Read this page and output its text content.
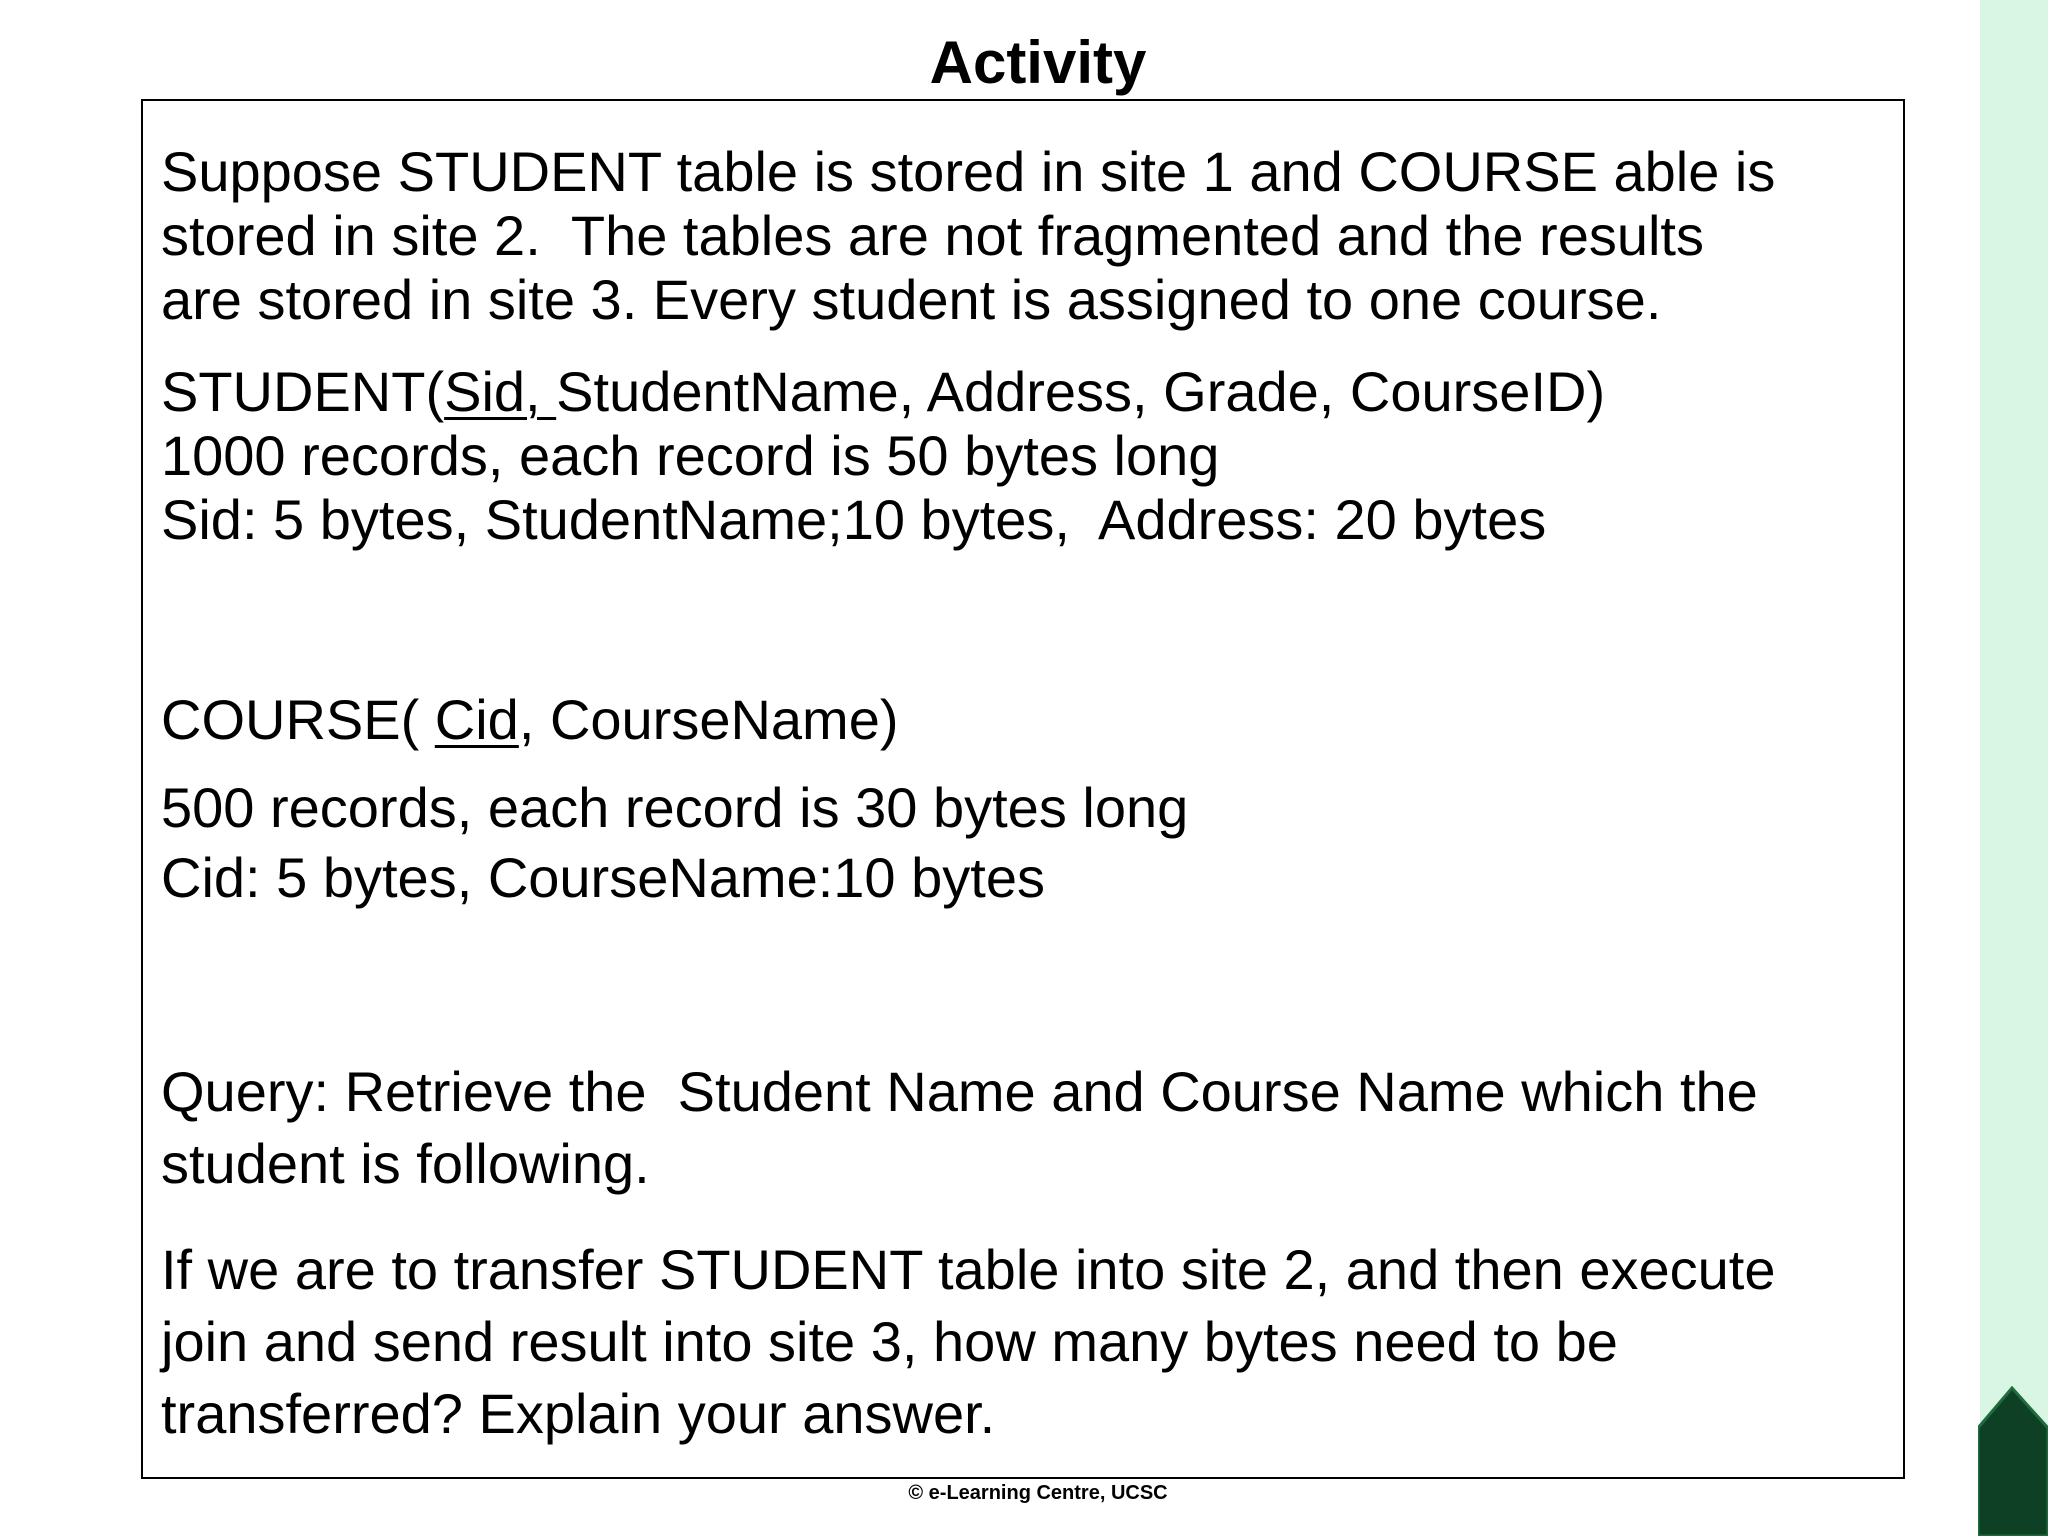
Activity
Suppose STUDENT table is stored in site 1 and COURSE able is
stored in site 2.  The tables are not fragmented and the results
are stored in site 3. Every student is assigned to one course.
STUDENT(Sid, StudentName, Address, Grade, CourseID)
1000 records, each record is 50 bytes long
Sid: 5 bytes, StudentName;10 bytes,  Address: 20 bytes
COURSE( Cid, CourseName)
500 records, each record is 30 bytes long
Cid: 5 bytes, CourseName:10 bytes
Query: Retrieve the  Student Name and Course Name which the
student is following.
If we are to transfer STUDENT table into site 2, and then execute
join and send result into site 3, how many bytes need to be
transferred? Explain your answer.
© e-Learning Centre, UCSC
